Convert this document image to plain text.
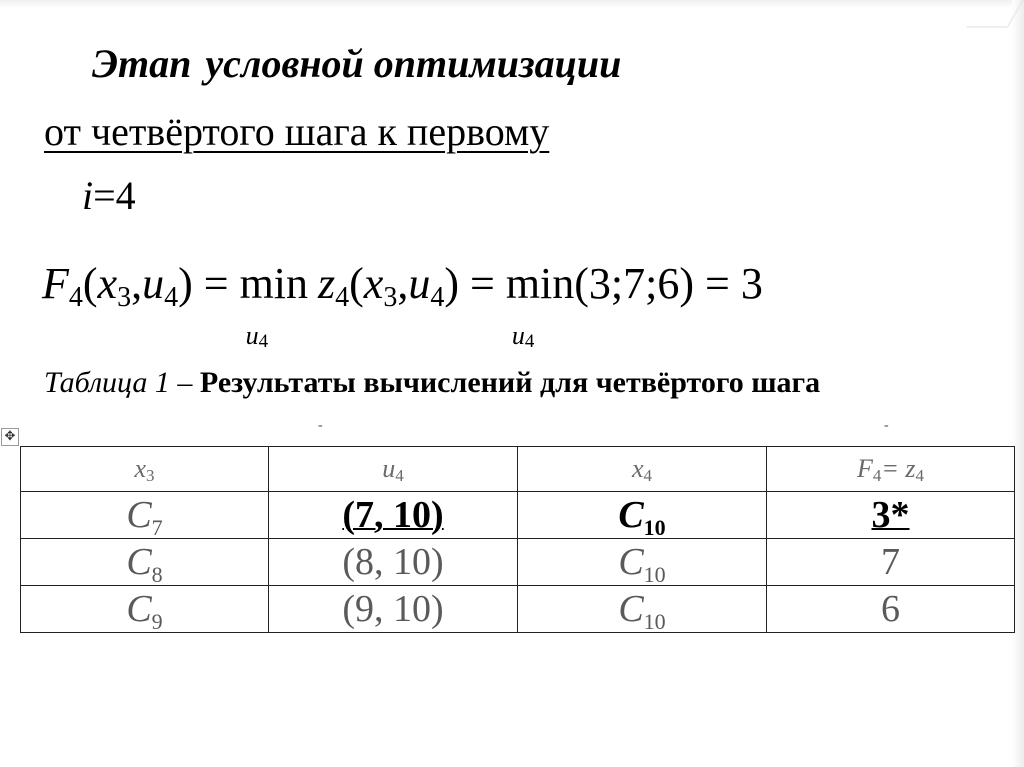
Этап условной оптимизации
от четвёртого шага к первому
i=4
F4(x3,u4) = min
u4
z4(x3,u4) = min
u4
(3;7;6) = 3
Таблица 1 – Результаты вычислений для четвёртого шага
-	-
✥
x3	u4	x4	F4= z4
$C_7$	(7, 10)	$C_{10}$	3*
$C_8$	(8, 10)	$C_{10}$	7
$C_9$	(9, 10)	$C_{10}$	6
